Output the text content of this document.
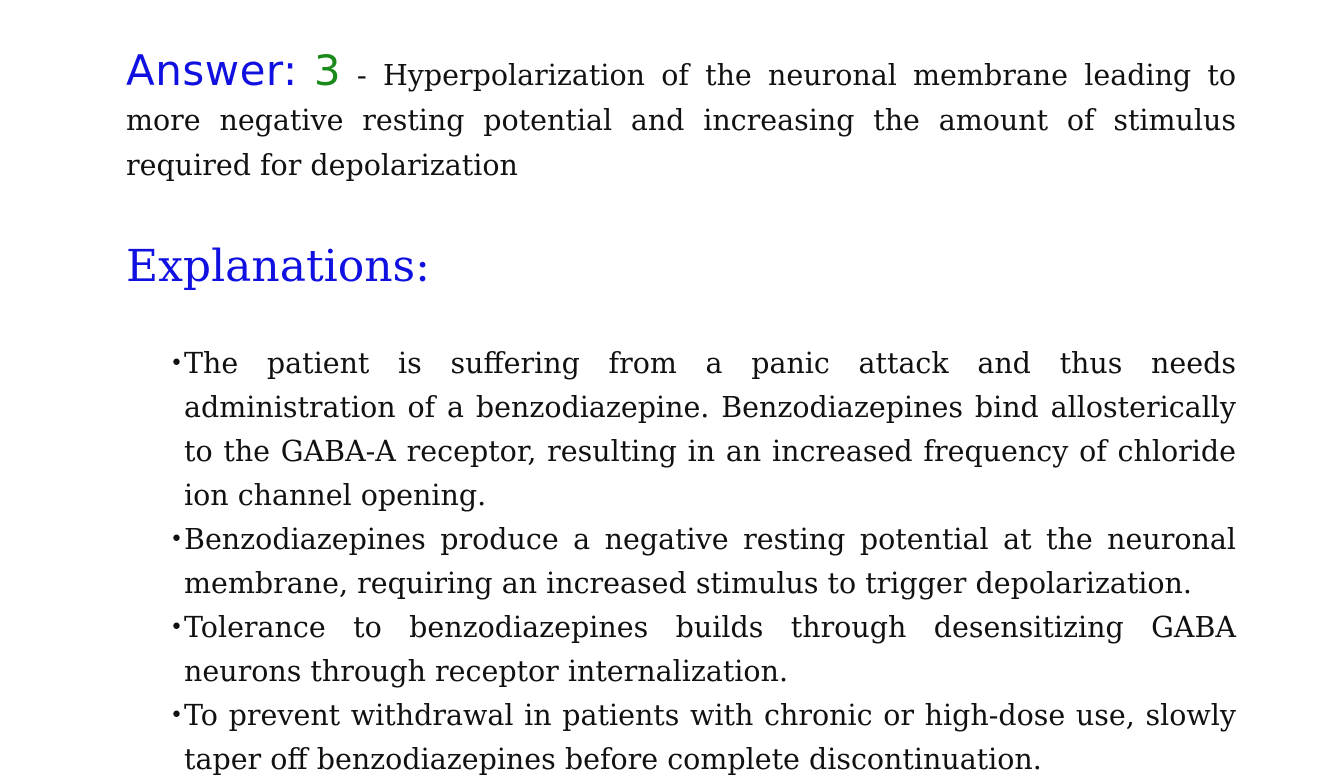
Answer: 3 - Hyperpolarization of the neuronal membrane leading to more negative resting potential and increasing the amount of stimulus required for depolarization

Explanations:
• The patient is suffering from a panic attack and thus needs administration of a benzodiazepine. Benzodiazepines bind allosterically to the GABA-A receptor, resulting in an increased frequency of chloride ion channel opening.
• Benzodiazepines produce a negative resting potential at the neuronal membrane, requiring an increased stimulus to trigger depolarization.
• Tolerance to benzodiazepines builds through desensitizing GABA neurons through receptor internalization.
• To prevent withdrawal in patients with chronic or high-dose use, slowly taper off benzodiazepines before complete discontinuation.
